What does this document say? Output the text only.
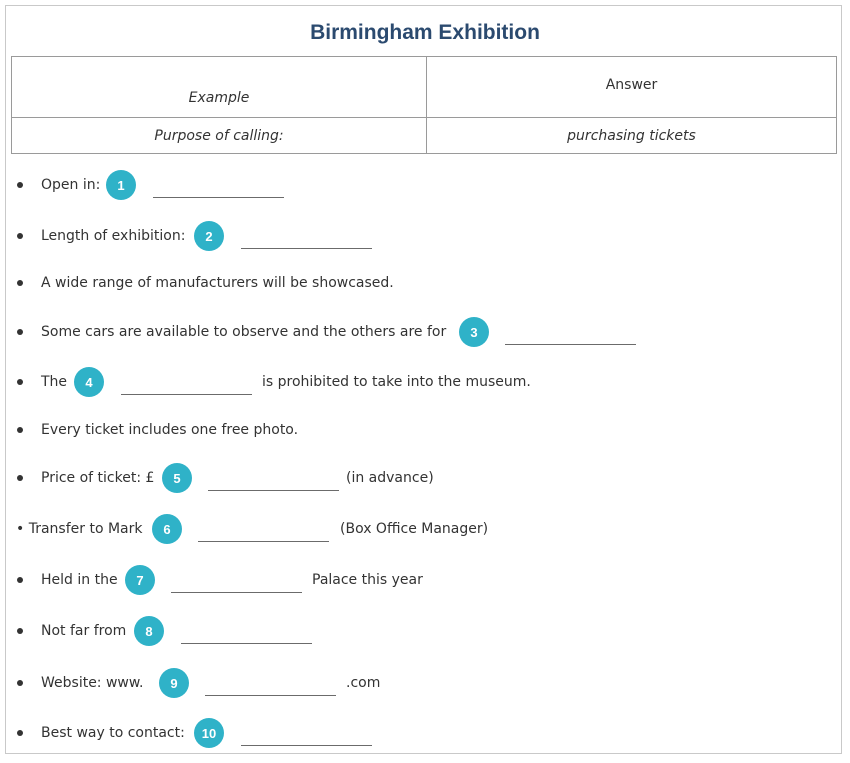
Birmingham Exhibition
Example	Answer
Purpose of calling:	purchasing tickets
Open in:	1
Length of exhibition:	2
A wide range of manufacturers will be showcased.
Some cars are available to observe and the others are for	3
The	4	is prohibited to take into the museum.
Every ticket includes one free photo.
Price of ticket: £	5	(in advance)
• Transfer to Mark	6	(Box Office Manager)
Held in the	7	Palace this year
Not far from	8
Website: www.	9	.com
Best way to contact:	10
